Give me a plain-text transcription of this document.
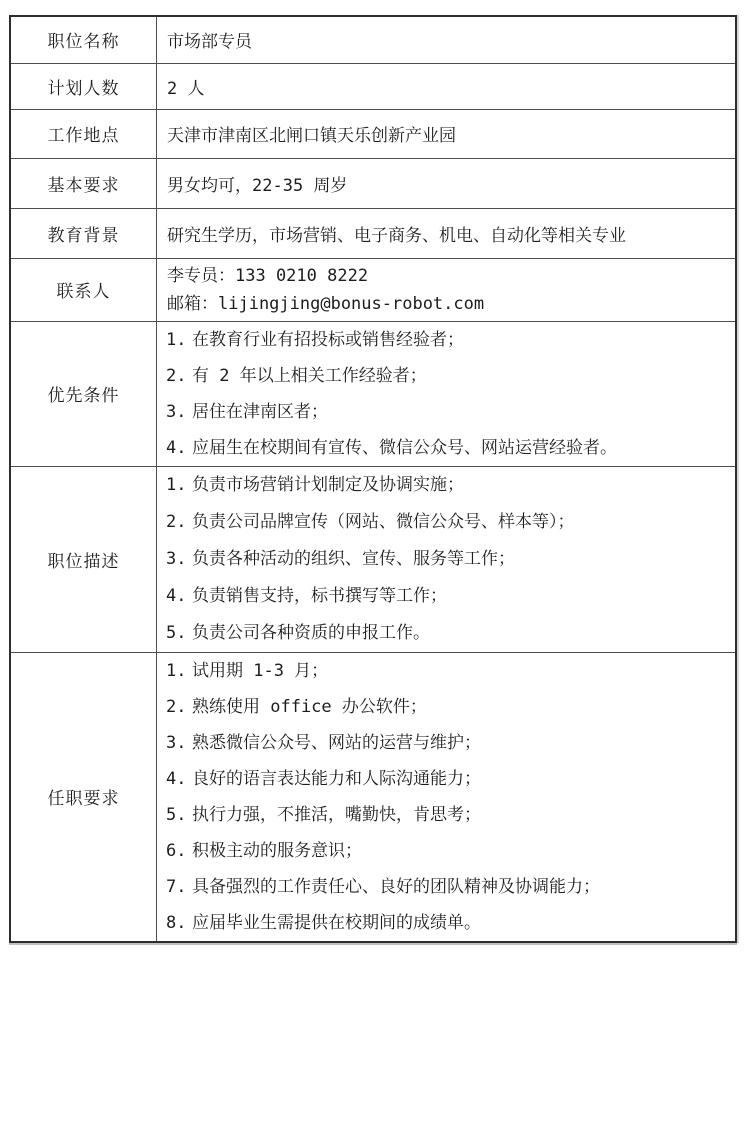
职位名称	市场部专员
计划人数	2 人
工作地点	天津市津南区北闸口镇天乐创新产业园
基本要求	男女均可，22-35 周岁
教育背景	研究生学历，市场营销、电子商务、机电、自动化等相关专业
联系人	李专员：133 0210 8222
邮箱：lijingjing@bonus-robot.com

优先条件	
1. 在教育行业有招投标或销售经验者；
2. 有 2 年以上相关工作经验者；
3. 居住在津南区者；
4. 应届生在校期间有宣传、微信公众号、网站运营经验者。

职位描述	
1. 负责市场营销计划制定及协调实施；
2. 负责公司品牌宣传（网站、微信公众号、样本等）；
3. 负责各种活动的组织、宣传、服务等工作；
4. 负责销售支持，标书撰写等工作；
5. 负责公司各种资质的申报工作。

任职要求	
1. 试用期 1-3 月；
2. 熟练使用 office 办公软件；
3. 熟悉微信公众号、网站的运营与维护；
4. 良好的语言表达能力和人际沟通能力；
5. 执行力强，不推活，嘴勤快，肯思考；
6. 积极主动的服务意识；
7. 具备强烈的工作责任心、良好的团队精神及协调能力；
8. 应届毕业生需提供在校期间的成绩单。
